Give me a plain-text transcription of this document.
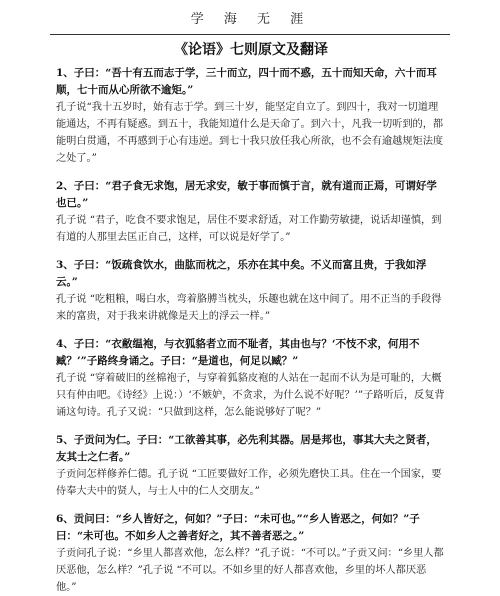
学 海 无 涯
《论语》七则原文及翻译

1、子曰：“吾十有五而志于学，三十而立，四十而不惑，五十而知天命，六十而耳顺，七十而从心所欲不逾矩。”

孔子说“我十五岁时，始有志于学。到三十岁，能坚定自立了。到四十，我对一切道理能通达，不再有疑惑。到五十，我能知道什么是天命了。到六十，凡我一切听到的，都能明白贯通，不再感到于心有违逆。到七十我只放任我心所欲，也不会有逾越规矩法度之处了。”

2、子曰：“君子食无求饱，居无求安，敏于事而慎于言，就有道而正焉，可谓好学也已。”

孔子说 “君子，吃食不要求饱足，居住不要求舒适，对工作勤劳敏捷，说话却谨慎，到有道的人那里去匡正自己，这样，可以说是好学了。”

3、子曰：“饭疏食饮水，曲肱而枕之，乐亦在其中矣。不义而富且贵，于我如浮云。”

孔子说 “吃粗粮，喝白水，弯着胳膊当枕头，乐趣也就在这中间了。用不正当的手段得来的富贵，对于我来讲就像是天上的浮云一样。”

4、子曰：“衣敝缊袍，与衣狐貉者立而不耻者，其由也与？‘不忮不求，何用不臧？’”子路终身诵之。子曰：“是道也，何足以臧？”

孔子说 “穿着破旧的丝棉袍子，与穿着狐貉皮袍的人站在一起而不认为是可耻的，大概只有仲由吧。《诗经》上说：）‘不嫉妒，不贪求，为什么说不好呢？’”子路听后，反复背诵这句诗。孔子又说：“只做到这样，怎么能说够好了呢？”

5、子贡问为仁。子曰：“工欲善其事，必先利其器。居是邦也，事其大夫之贤者，友其士之仁者。”

子贡问怎样修养仁德。孔子说 “工匠要做好工作，必须先磨快工具。住在一个国家，要侍奉大夫中的贤人，与士人中的仁人交朋友。”

6、贡问曰：“乡人皆好之，何如？”子曰：“未可也。”“乡人皆恶之，何如？”子曰：“未可也。不如乡人之善者好之，其不善者恶之。”

子贡问孔子说：“乡里人都喜欢他，怎么样？”孔子说：“不可以。”子贡又问：“乡里人都厌恶他，怎么样？”孔子说 “不可以。不如乡里的好人都喜欢他，乡里的坏人都厌恶他。”
